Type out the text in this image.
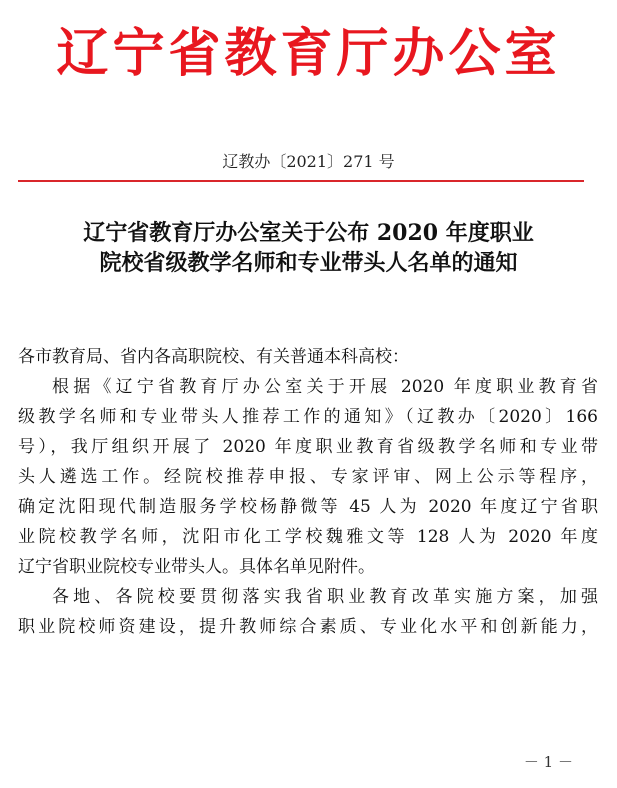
辽宁省教育厅办公室
辽教办〔2021〕271 号
辽宁省教育厅办公室关于公布 2020 年度职业
院校省级教学名师和专业带头人名单的通知
各市教育局、省内各高职院校、有关普通本科高校：
根据《辽宁省教育厅办公室关于开展 2020 年度职业教育省
级教学名师和专业带头人推荐工作的通知》（辽教办〔2020〕166
号），我厅组织开展了 2020 年度职业教育省级教学名师和专业带
头人遴选工作。经院校推荐申报、专家评审、网上公示等程序，
确定沈阳现代制造服务学校杨静微等 45 人为 2020 年度辽宁省职
业院校教学名师，沈阳市化工学校魏雅文等 128 人为 2020 年度
辽宁省职业院校专业带头人。具体名单见附件。
各地、各院校要贯彻落实我省职业教育改革实施方案，加强
职业院校师资建设，提升教师综合素质、专业化水平和创新能力，
－ 1 －
